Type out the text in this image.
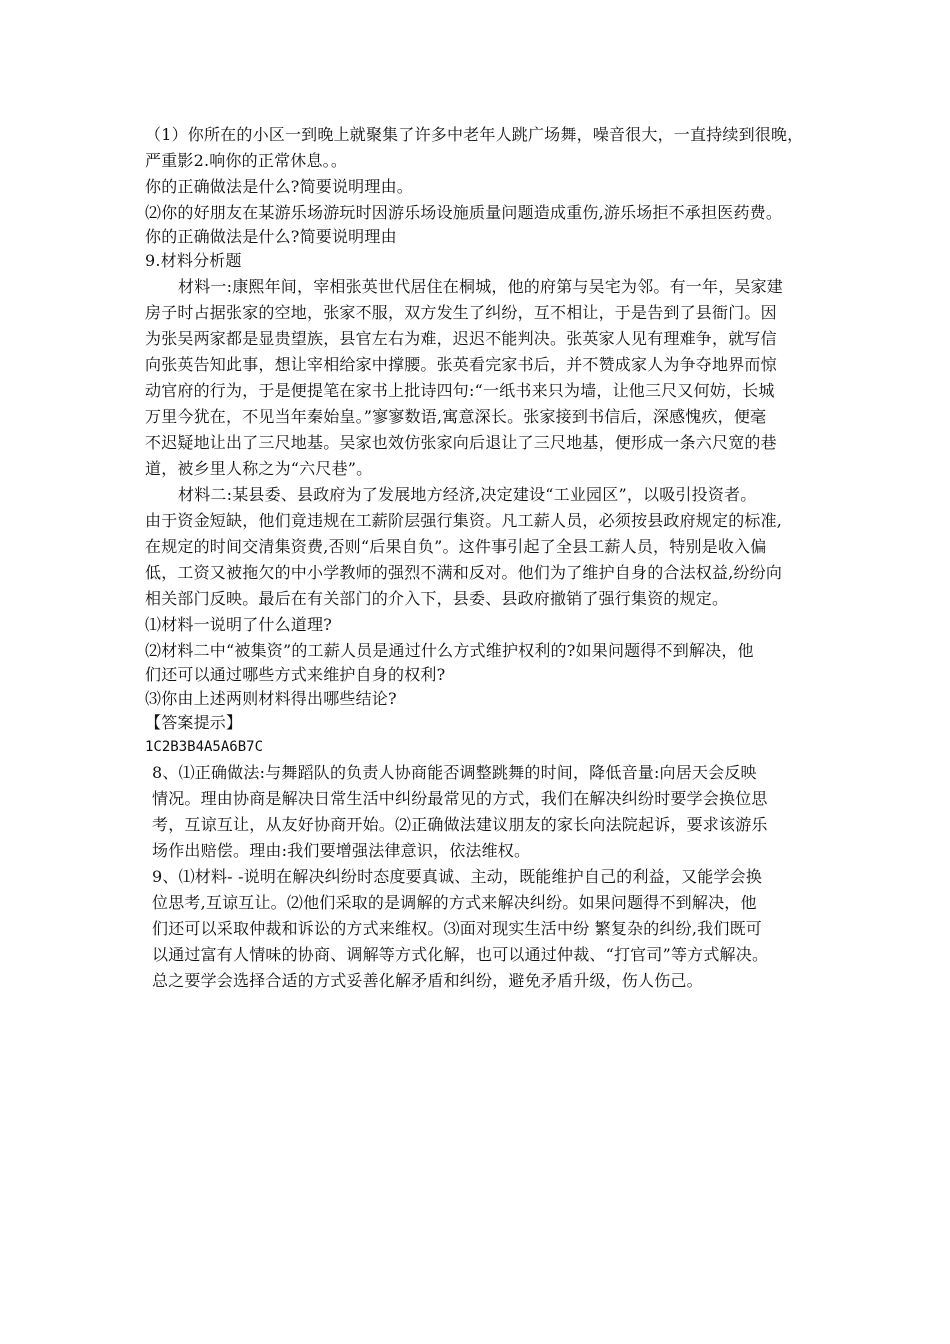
（1）你所在的小区一到晚上就聚集了许多中老年人跳广场舞，噪音很大，一直持续到很晚，
严重影2.响你的正常休息。。
你的正确做法是什么?简要说明理由。
⑵你的好朋友在某游乐场游玩时因游乐场设施质量问题造成重伤,游乐场拒不承担医药费。
你的正确做法是什么?简要说明理由
9.材料分析题
材料一:康熙年间，宰相张英世代居住在桐城，他的府第与吴宅为邻。有一年，吴家建
房子时占据张家的空地，张家不服，双方发生了纠纷，互不相让，于是告到了县衙门。因
为张吴两家都是显贵望族，县官左右为难，迟迟不能判决。张英家人见有理难争，就写信
向张英告知此事，想让宰相给家中撑腰。张英看完家书后，并不赞成家人为争夺地界而惊
动官府的行为，于是便提笔在家书上批诗四句:“一纸书来只为墙，让他三尺又何妨，长城
万里今犹在，不见当年秦始皇。”寥寥数语,寓意深长。张家接到书信后，深感愧疚，便毫
不迟疑地让出了三尺地基。吴家也效仿张家向后退让了三尺地基，便形成一条六尺宽的巷
道，被乡里人称之为“六尺巷”。
材料二:某县委、县政府为了发展地方经济,决定建设“工业园区”，以吸引投资者。
由于资金短缺，他们竟违规在工薪阶层强行集资。凡工薪人员，必须按县政府规定的标准,
在规定的时间交清集资费,否则“后果自负”。这件事引起了全县工薪人员，特别是收入偏
低，工资又被拖欠的中小学教师的强烈不满和反对。他们为了维护自身的合法权益,纷纷向
相关部门反映。最后在有关部门的介入下，县委、县政府撤销了强行集资的规定。
⑴材料一说明了什么道理?
⑵材料二中“被集资”的工薪人员是通过什么方式维护权利的?如果问题得不到解决，他
们还可以通过哪些方式来维护自身的权利?
⑶你由上述两则材料得出哪些结论?
【答案提示】
1C2B3B4A5A6B7C
8、⑴正确做法:与舞蹈队的负责人协商能否调整跳舞的时间，降低音量:向居天会反映
情况。理由协商是解决日常生活中纠纷最常见的方式，我们在解决纠纷时要学会换位思
考，互谅互让，从友好协商开始。⑵正确做法建议朋友的家长向法院起诉，要求该游乐
场作出赔偿。理由:我们要增强法律意识，依法维权。
9、⑴材料- -说明在解决纠纷时态度要真诚、主动，既能维护自己的利益，又能学会换
位思考,互谅互让。⑵他们采取的是调解的方式来解决纠纷。如果问题得不到解决，他
们还可以采取仲裁和诉讼的方式来维权。⑶面对现实生活中纷 繁复杂的纠纷,我们既可
以通过富有人情味的协商、调解等方式化解，也可以通过仲裁、“打官司”等方式解决。
总之要学会选择合适的方式妥善化解矛盾和纠纷，避免矛盾升级，伤人伤己。
